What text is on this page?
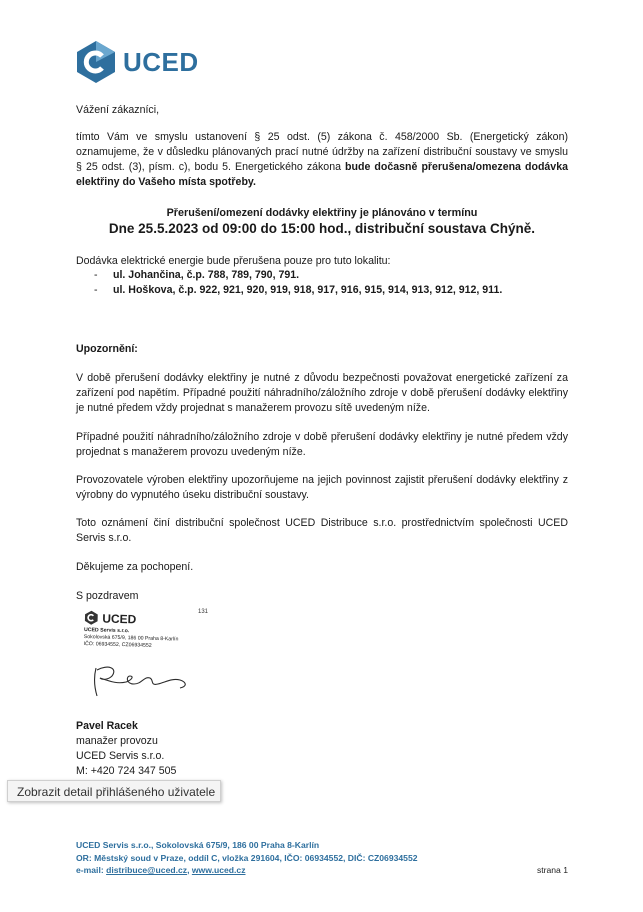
UCED
Vážení zákazníci,
tímto Vám ve smyslu ustanovení § 25 odst. (5) zákona č. 458/2000 Sb. (Energetický zákon) oznamujeme, že v důsledku plánovaných prací nutné údržby na zařízení distribuční soustavy ve smyslu § 25 odst. (3), písm. c), bodu 5. Energetického zákona bude dočasně přerušena/omezena dodávka elektřiny do Vašeho místa spotřeby.
Přerušení/omezení dodávky elektřiny je plánováno v termínu
Dne 25.5.2023 od 09:00 do 15:00 hod., distribuční soustava Chýně.
Dodávka elektrické energie bude přerušena pouze pro tuto lokalitu:
- ul. Johančina, č.p. 788, 789, 790, 791.
- ul. Hoškova, č.p. 922, 921, 920, 919, 918, 917, 916, 915, 914, 913, 912, 912, 911.
Upozornění:
V době přerušení dodávky elektřiny je nutné z důvodu bezpečnosti považovat energetické zařízení za zařízení pod napětím. Případné použití náhradního/záložního zdroje v době přerušení dodávky elektřiny je nutné předem vždy projednat s manažerem provozu sítě uvedeným níže.
Případné použití náhradního/záložního zdroje v době přerušení dodávky elektřiny je nutné předem vždy projednat s manažerem provozu uvedeným níže.
Provozovatele výroben elektřiny upozorňujeme na jejich povinnost zajistit přerušení dodávky elektřiny z výrobny do vypnutého úseku distribuční soustavy.
Toto oznámení činí distribuční společnost UCED Distribuce s.r.o. prostřednictvím společnosti UCED Servis s.r.o.
Děkujeme za pochopení.
S pozdravem
UCED
UCED Servis s.r.o.
Sokolovská 675/9, 186 00 Praha 8-Karlín
IČO: 06934552, CZ06934552
131
Pavel Racek
manažer provozu
UCED Servis s.r.o.
M: +420 724 347 505
Zobrazit detail přihlášeného uživatele
UCED Servis s.r.o., Sokolovská 675/9, 186 00 Praha 8-Karlín
OR: Městský soud v Praze, oddíl C, vložka 291604, IČO: 06934552, DIČ: CZ06934552
e-mail: distribuce@uced.cz, www.uced.cz	strana 1
